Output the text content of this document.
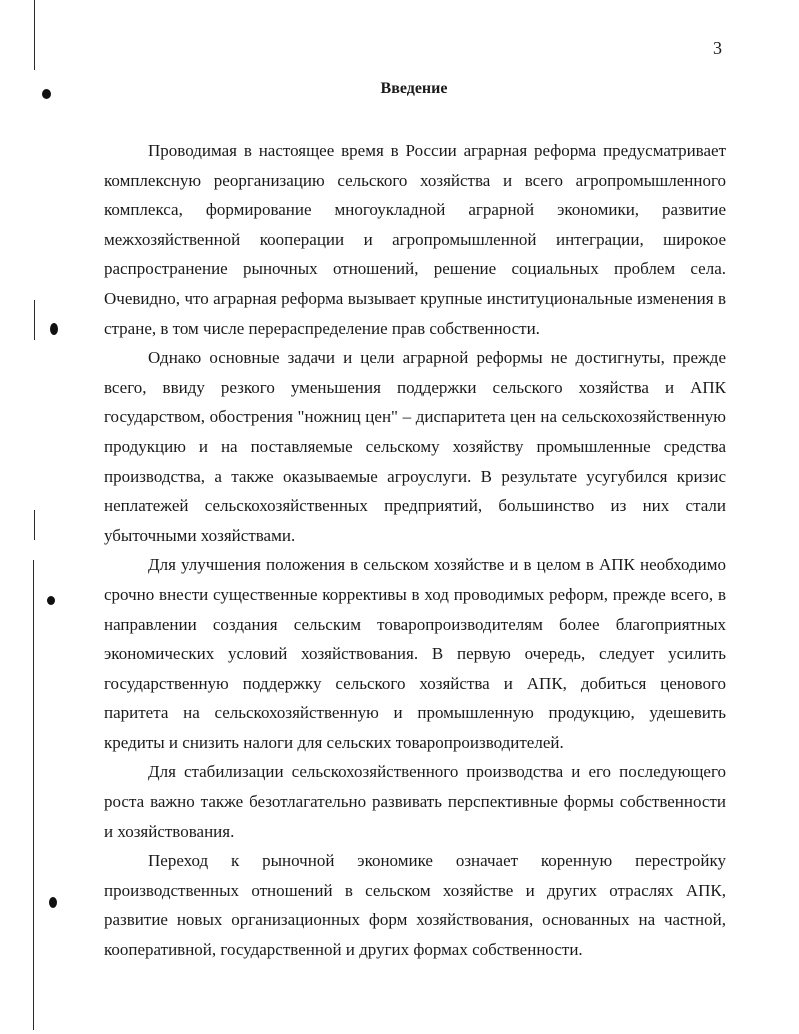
3
Введение

Проводимая в настоящее время в России аграрная реформа предусматривает комплексную реорганизацию сельского хозяйства и всего агропромышленного комплекса, формирование многоукладной аграрной экономики, развитие межхозяйственной кооперации и агропромышленной интеграции, широкое распространение рыночных отношений, решение социальных проблем села. Очевидно, что аграрная реформа вызывает крупные институциональные изменения в стране, в том числе перераспределение прав собственности.

Однако основные задачи и цели аграрной реформы не достигнуты, прежде всего, ввиду резкого уменьшения поддержки сельского хозяйства и АПК государством, обострения "ножниц цен" – диспаритета цен на сельскохозяйственную продукцию и на поставляемые сельскому хозяйству промышленные средства производства, а также оказываемые агроуслуги. В результате усугубился кризис неплатежей сельскохозяйственных предприятий, большинство из них стали убыточными хозяйствами.

Для улучшения положения в сельском хозяйстве и в целом в АПК необходимо срочно внести существенные коррективы в ход проводимых реформ, прежде всего, в направлении создания сельским товаропроизводителям более благоприятных экономических условий хозяйствования. В первую очередь, следует усилить государственную поддержку сельского хозяйства и АПК, добиться ценового паритета на сельскохозяйственную и промышленную продукцию, удешевить кредиты и снизить налоги для сельских товаропроизводителей.

Для стабилизации сельскохозяйственного производства и его последующего роста важно также безотлагательно развивать перспективные формы собственности и хозяйствования.

Переход к рыночной экономике означает коренную перестройку производственных отношений в сельском хозяйстве и других отраслях АПК, развитие новых организационных форм хозяйствования, основанных на частной, кооперативной, государственной и других формах собственности.
